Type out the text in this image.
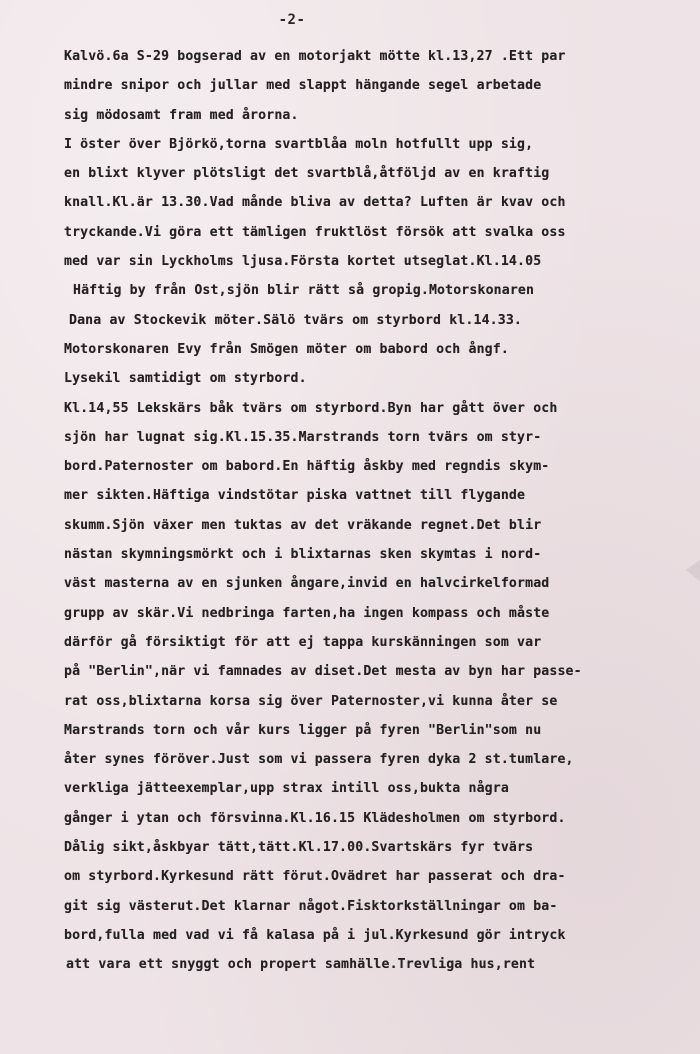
-2-
Kalvö.6a S-29 bogserad av en motorjakt mötte kl.13,27 .Ett par
mindre snipor och jullar med slappt hängande segel arbetade
sig mödosamt fram med årorna.
I öster över Björkö,torna svartblåa moln hotfullt upp sig,
en blixt klyver plötsligt det svartblå,åtföljd av en kraftig
knall.Kl.är 13.30.Vad månde bliva av detta? Luften är kvav och
tryckande.Vi göra ett tämligen fruktlöst försök att svalka oss
med var sin Lyckholms ljusa.Första kortet utseglat.Kl.14.05
Häftig by från Ost,sjön blir rätt så gropig.Motorskonaren
Dana av Stockevik möter.Sälö tvärs om styrbord kl.14.33.
Motorskonaren Evy från Smögen möter om babord och ångf.
Lysekil samtidigt om styrbord.
Kl.14,55 Lekskärs båk tvärs om styrbord.Byn har gått över och
sjön har lugnat sig.Kl.15.35.Marstrands torn tvärs om styr-
bord.Paternoster om babord.En häftig åskby med regndis skym-
mer sikten.Häftiga vindstötar piska vattnet till flygande
skumm.Sjön växer men tuktas av det vräkande regnet.Det blir
nästan skymningsmörkt och i blixtarnas sken skymtas i nord-
väst masterna av en sjunken ångare,invid en halvcirkelformad
grupp av skär.Vi nedbringa farten,ha ingen kompass och måste
därför gå försiktigt för att ej tappa kurskänningen som var
på "Berlin",när vi famnades av diset.Det mesta av byn har passe-
rat oss,blixtarna korsa sig över Paternoster,vi kunna åter se
Marstrands torn och vår kurs ligger på fyren "Berlin"som nu
åter synes föröver.Just som vi passera fyren dyka 2 st.tumlare,
verkliga jätteexemplar,upp strax intill oss,bukta några
gånger i ytan och försvinna.Kl.16.15 Klädesholmen om styrbord.
Dålig sikt,åskbyar tätt,tätt.Kl.17.00.Svartskärs fyr tvärs
om styrbord.Kyrkesund rätt förut.Ovädret har passerat och dra-
git sig västerut.Det klarnar något.Fisktorkställningar om ba-
bord,fulla med vad vi få kalasa på i jul.Kyrkesund gör intryck
att vara ett snyggt och propert samhälle.Trevliga hus,rent
